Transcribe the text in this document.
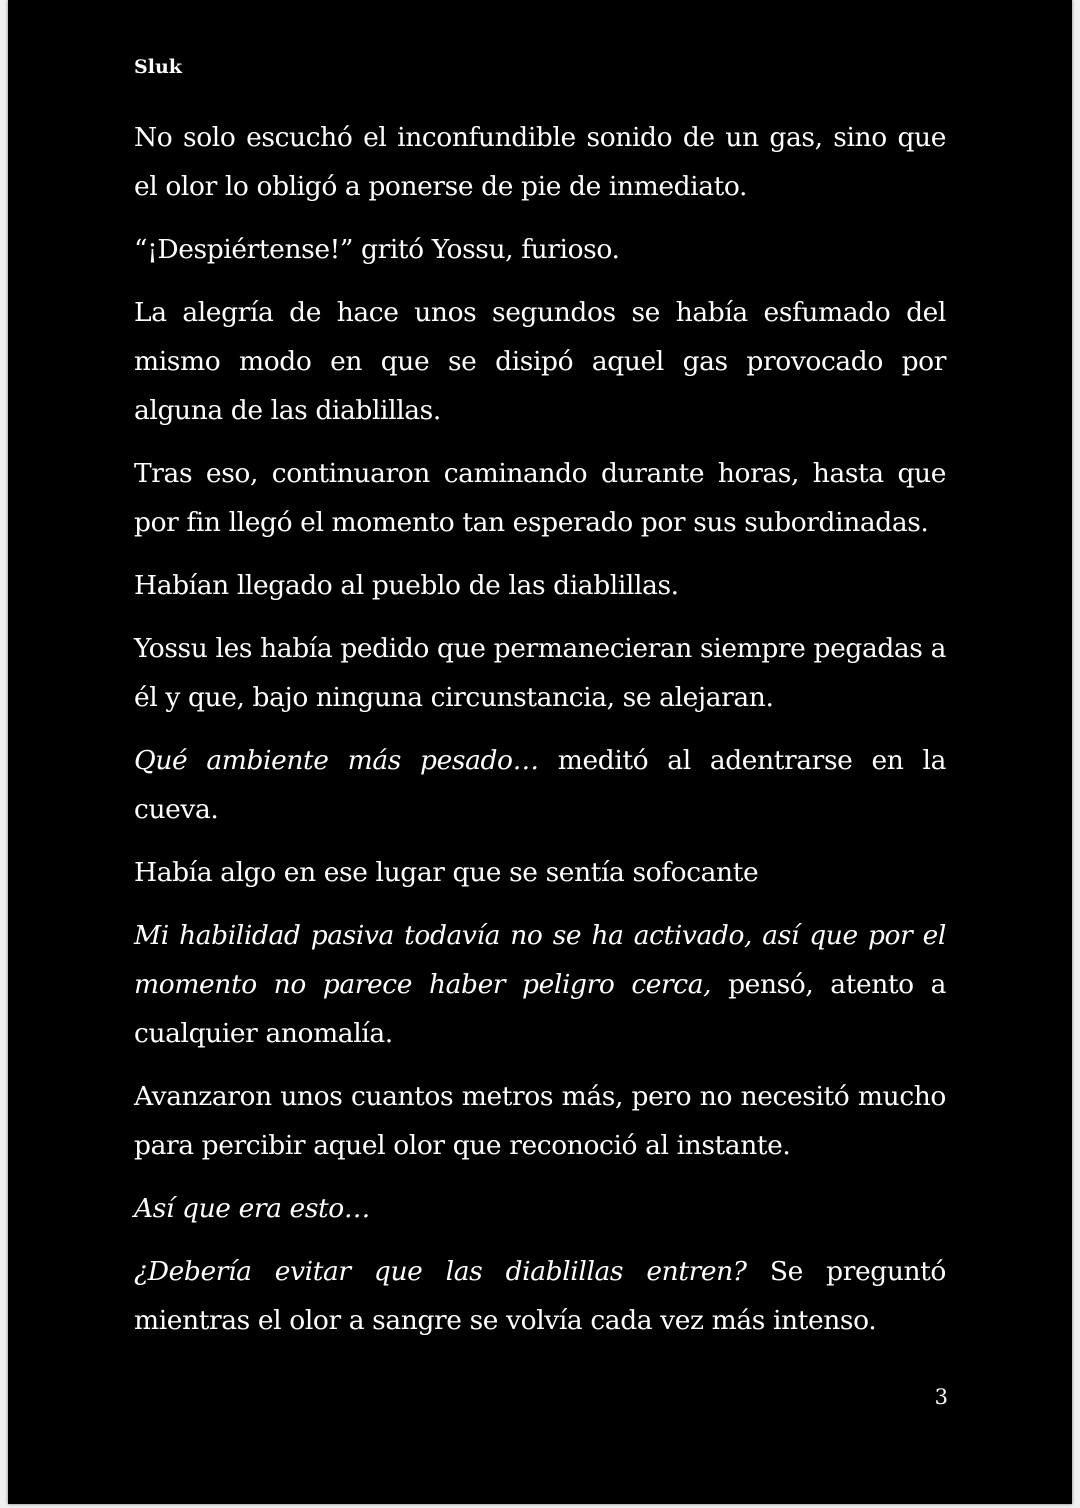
Sluk

No solo escuchó el inconfundible sonido de un gas, sino que el olor lo obligó a ponerse de pie de inmediato.

“¡Despiértense!” gritó Yossu, furioso.

La alegría de hace unos segundos se había esfumado del mismo modo en que se disipó aquel gas provocado por alguna de las diablillas.

Tras eso, continuaron caminando durante horas, hasta que por fin llegó el momento tan esperado por sus subordinadas.

Habían llegado al pueblo de las diablillas.

Yossu les había pedido que permanecieran siempre pegadas a él y que, bajo ninguna circunstancia, se alejaran.

Qué ambiente más pesado… meditó al adentrarse en la cueva.

Había algo en ese lugar que se sentía sofocante

Mi habilidad pasiva todavía no se ha activado, así que por el momento no parece haber peligro cerca, pensó, atento a cualquier anomalía.

Avanzaron unos cuantos metros más, pero no necesitó mucho para percibir aquel olor que reconoció al instante.

Así que era esto…

¿Debería evitar que las diablillas entren? Se preguntó mientras el olor a sangre se volvía cada vez más intenso.

3
